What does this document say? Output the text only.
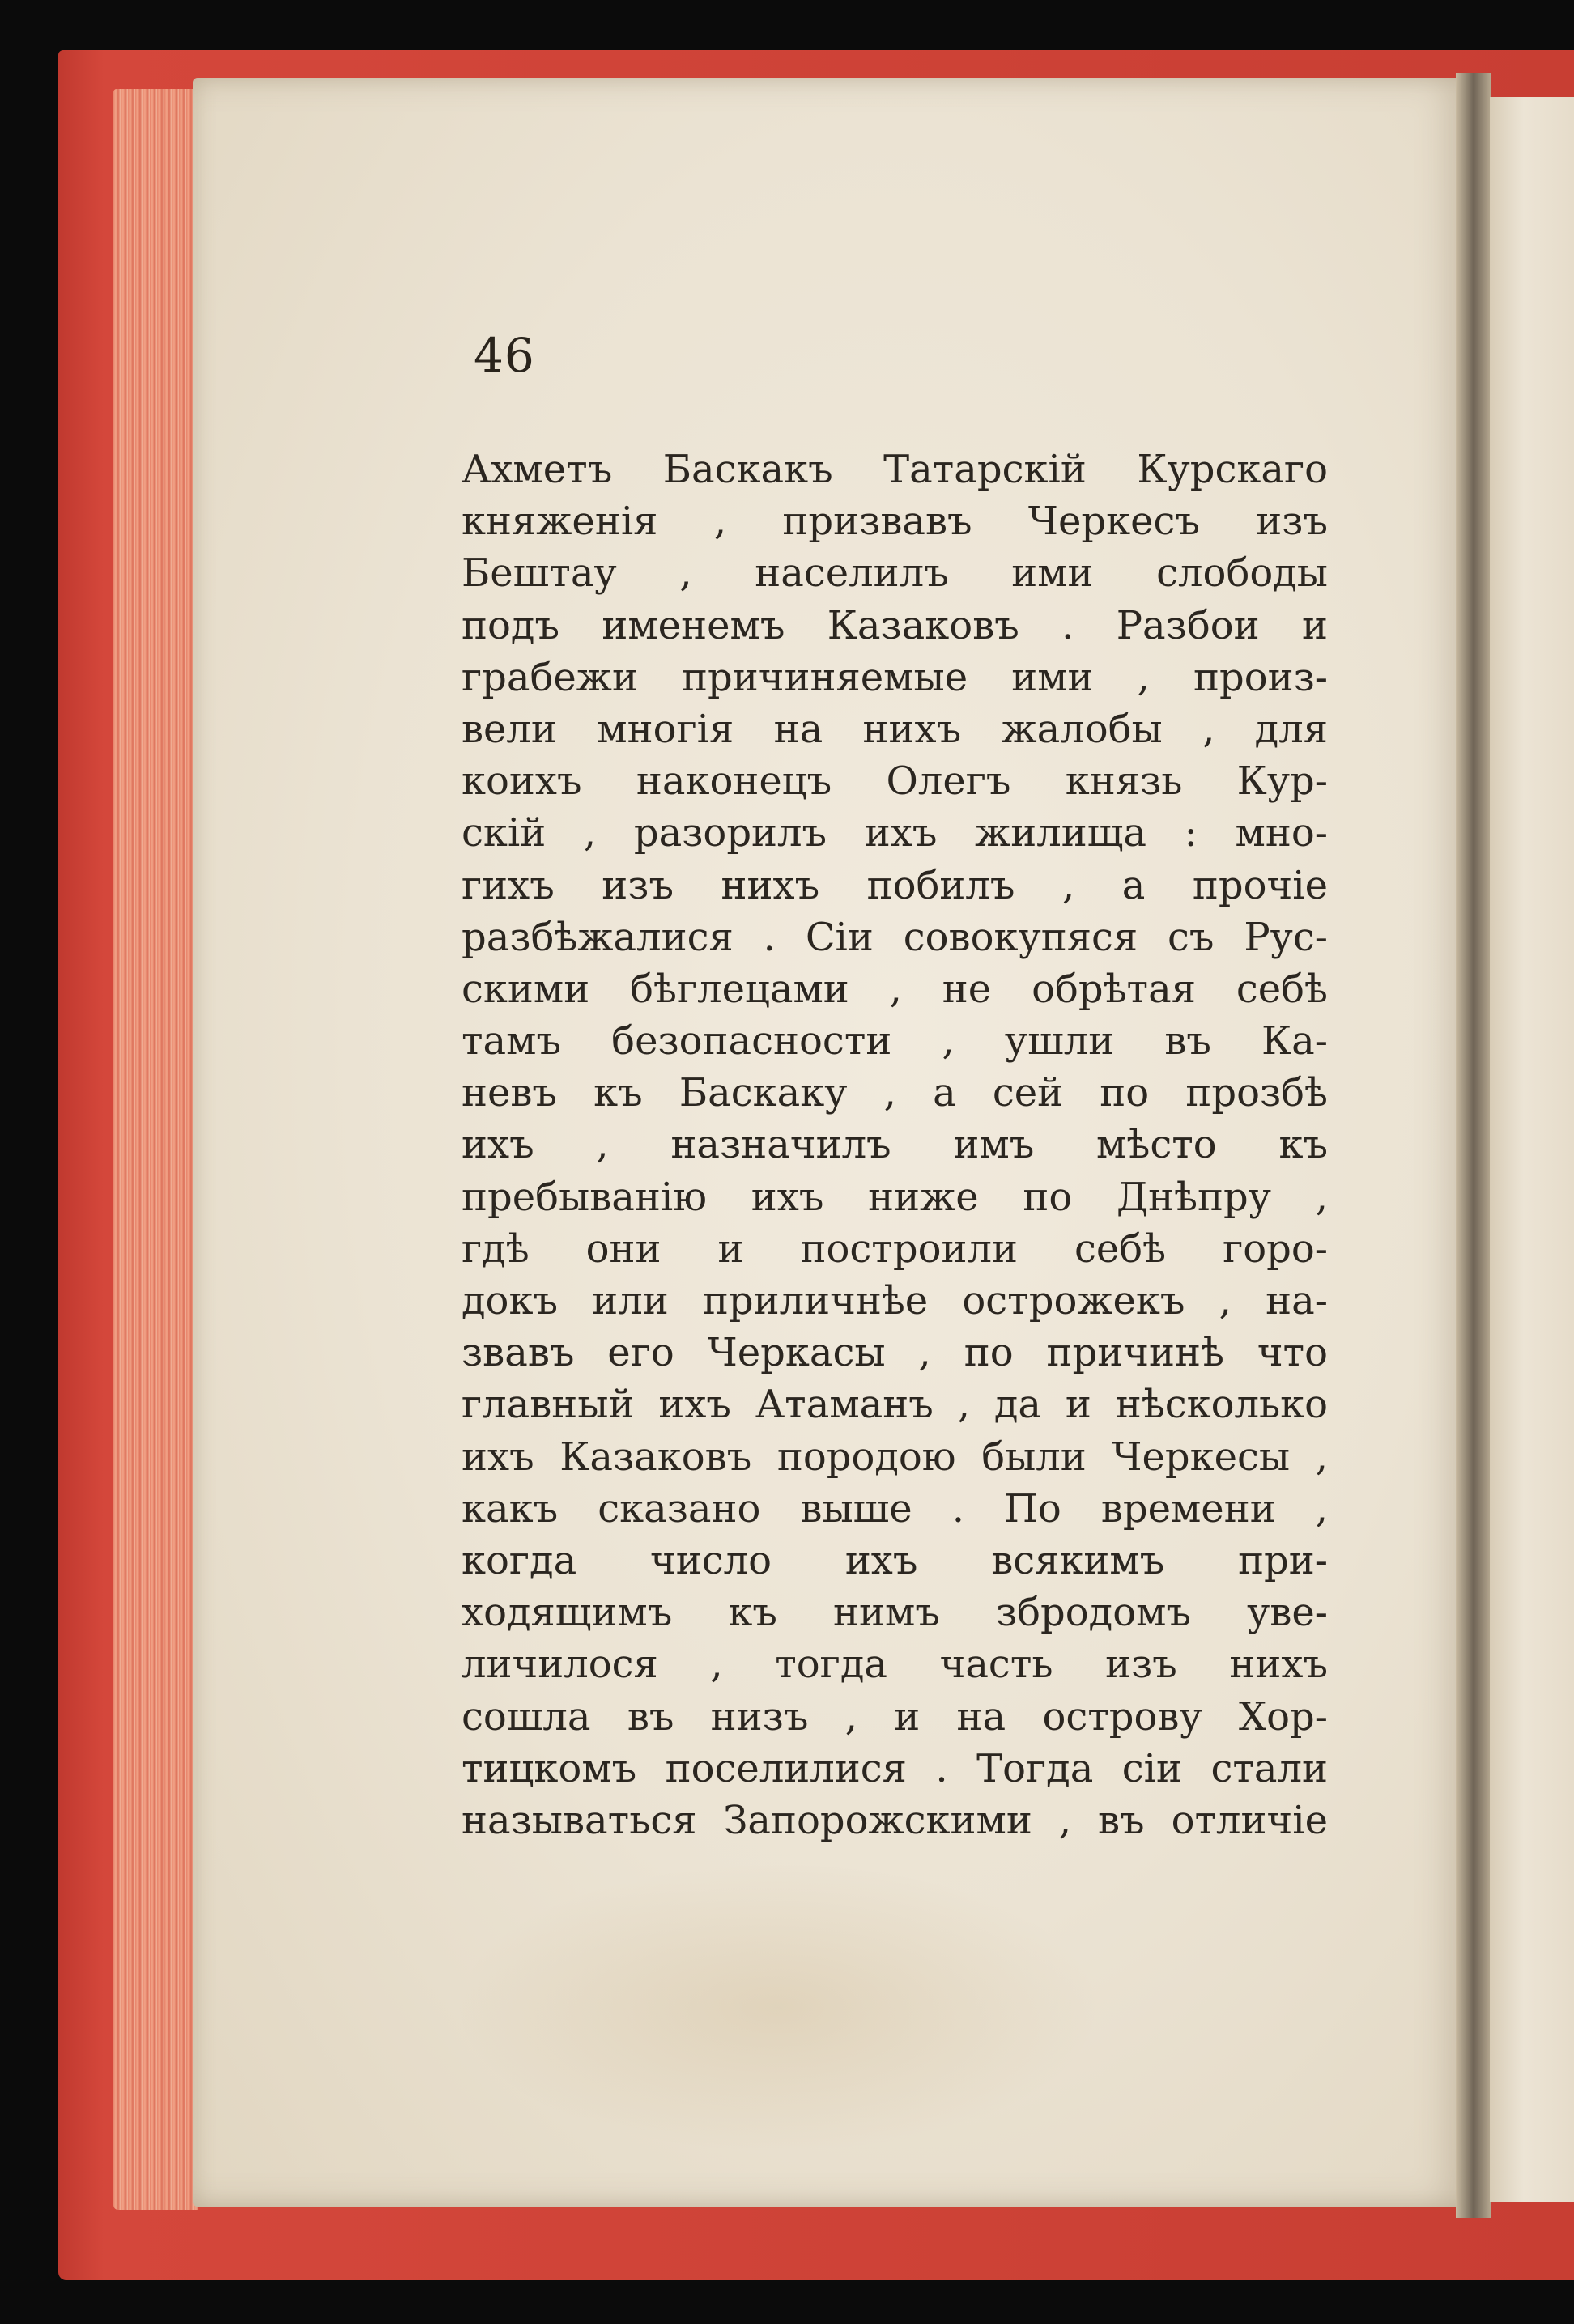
46
Ахметъ Баскакъ Татарскій Курскаго
княженія , призвавъ Черкесъ изъ
Бештау , населилъ ими слободы
подъ именемъ Казаковъ . Разбои и
грабежи причиняемые ими , произ-
вели многія на нихъ жалобы , для
коихъ наконецъ Олегъ князь Кур-
скій , разорилъ ихъ жилища : мно-
гихъ изъ нихъ побилъ , а прочіе
разбѣжалися . Сіи совокупяся съ Рус-
скими бѣглецами , не обрѣтая себѣ
тамъ безопасности , ушли въ Ка-
невъ къ Баскаку , а сей по прозбѣ
ихъ , назначилъ имъ мѣсто къ
пребыванію ихъ ниже по Днѣпру ,
гдѣ они и построили себѣ горо-
докъ или приличнѣе острожекъ , на-
звавъ его Черкасы , по причинѣ что
главный ихъ Атаманъ , да и нѣсколько
ихъ Казаковъ породою были Черкесы ,
какъ сказано выше . По времени ,
когда число ихъ всякимъ при-
ходящимъ къ нимъ збродомъ уве-
личилося , тогда часть изъ нихъ
сошла въ низъ , и на острову Хор-
тицкомъ поселилися . Тогда сіи стали
называться Запорожскими , въ отличіе
